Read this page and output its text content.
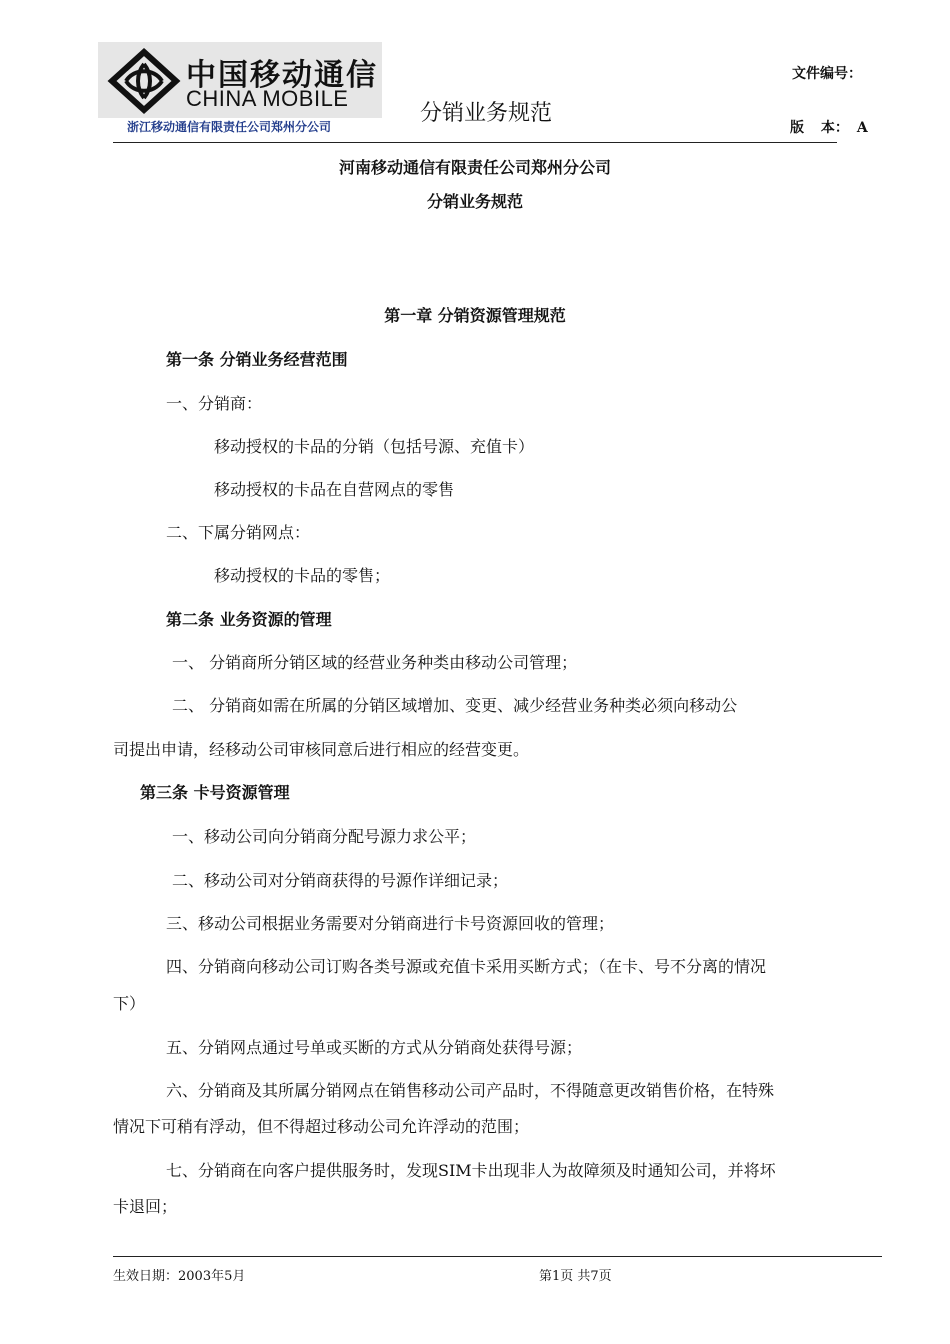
中国移动通信
CHINA MOBILE
浙江移动通信有限责任公司郑州分公司
分销业务规范
文件编号：
版 本： A
河南移动通信有限责任公司郑州分公司
分销业务规范
第一章 分销资源管理规范
第一条 分销业务经营范围
一、分销商：
移动授权的卡品的分销（包括号源、充值卡）
移动授权的卡品在自营网点的零售
二、下属分销网点：
移动授权的卡品的零售；
第二条 业务资源的管理
一、 分销商所分销区域的经营业务种类由移动公司管理；
二、 分销商如需在所属的分销区域增加、变更、减少经营业务种类必须向移动公
司提出申请，经移动公司审核同意后进行相应的经营变更。
第三条 卡号资源管理
一、移动公司向分销商分配号源力求公平；
二、移动公司对分销商获得的号源作详细记录；
三、移动公司根据业务需要对分销商进行卡号资源回收的管理；
四、分销商向移动公司订购各类号源或充值卡采用买断方式；（在卡、号不分离的情况
下）
五、分销网点通过号单或买断的方式从分销商处获得号源；
六、分销商及其所属分销网点在销售移动公司产品时，不得随意更改销售价格，在特殊
情况下可稍有浮动，但不得超过移动公司允许浮动的范围；
七、分销商在向客户提供服务时，发现SIM卡出现非人为故障须及时通知公司，并将坏
卡退回；
生效日期：2003年5月	第1页 共7页
